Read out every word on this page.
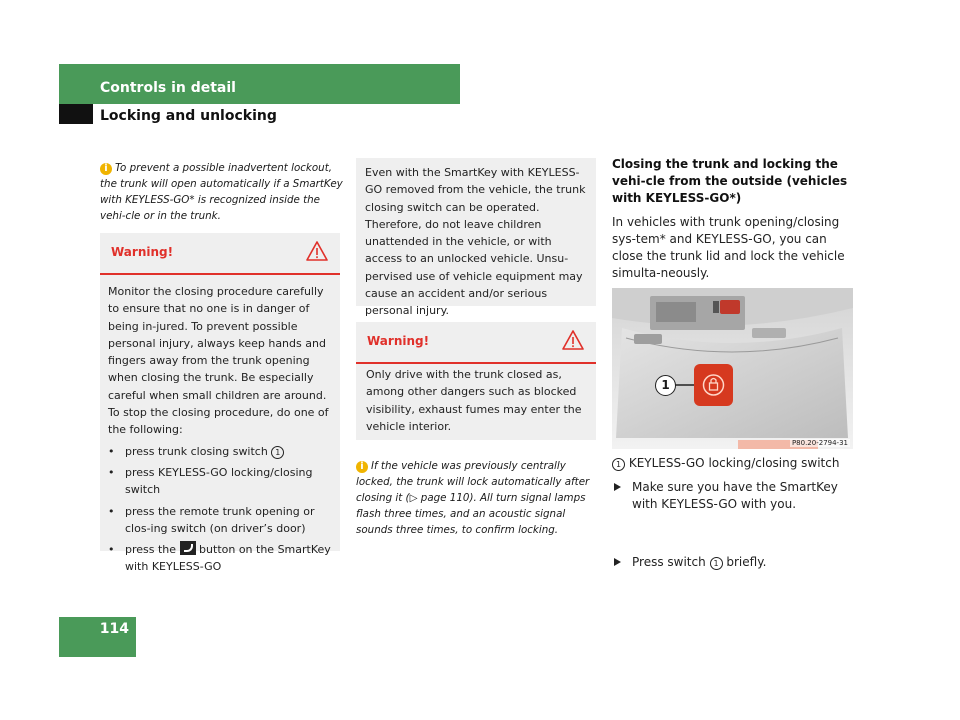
Controls in detail
Locking and unlocking
i To prevent a possible inadvertent lockout, the trunk will open automatically if a SmartKey with KEYLESS-GO* is recognized inside the vehi-cle or in the trunk.
Warning!

Monitor the closing procedure carefully to ensure that no one is in danger of being in-jured. To prevent possible personal injury, always keep hands and fingers away from the trunk opening when closing the trunk. Be especially careful when small children are around. To stop the closing procedure, do one of the following:

• press trunk closing switch 1
• press KEYLESS-GO locking/closing switch
• press the remote trunk opening or clos-ing switch (on driver’s door)
• press the button on the SmartKey with KEYLESS-GO
Even with the SmartKey with KEYLESS-GO removed from the vehicle, the trunk closing switch can be operated. Therefore, do not leave children unattended in the vehicle, or with access to an unlocked vehicle. Unsu-pervised use of vehicle equipment may cause an accident and/or serious personal injury.
Warning!
Only drive with the trunk closed as, among other dangers such as blocked visibility, exhaust fumes may enter the vehicle interior.
i If the vehicle was previously centrally locked, the trunk will lock automatically after closing it (▷ page 110). All turn signal lamps flash three times, and an acoustic signal sounds three times, to confirm locking.
Closing the trunk and locking the vehi-cle from the outside (vehicles with KEYLESS-GO*)

In vehicles with trunk opening/closing sys-tem* and KEYLESS-GO, you can close the trunk lid and lock the vehicle simulta-neously.

1
P80.20-2794-31
1 KEYLESS-GO locking/closing switch
Make sure you have the SmartKey with KEYLESS-GO with you.
Press switch 1 briefly.
114
